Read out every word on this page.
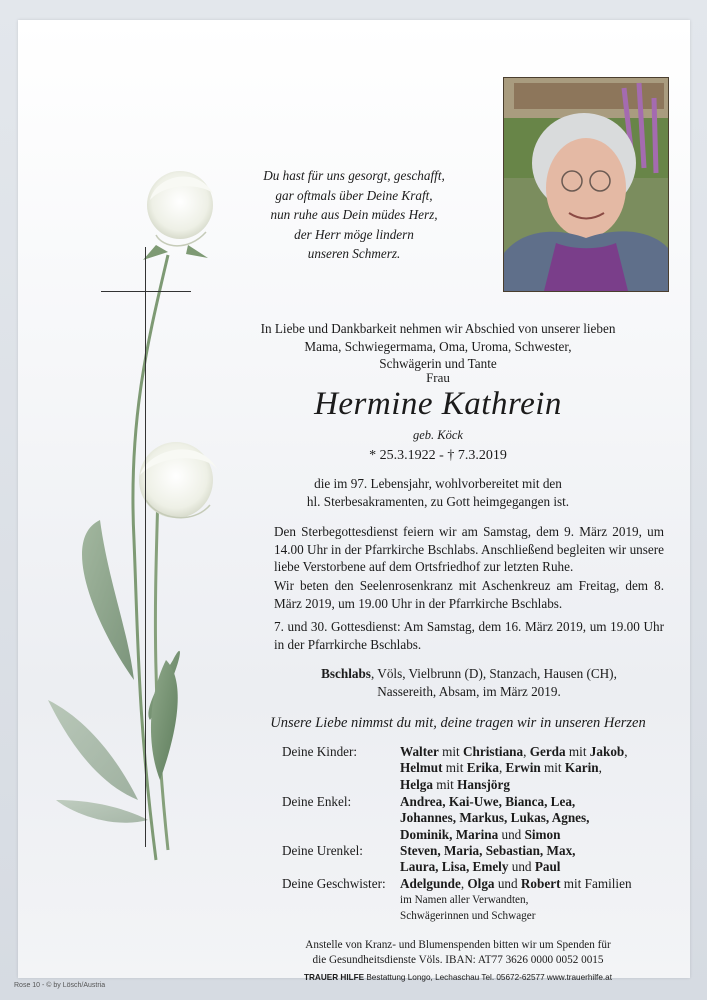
Du hast für uns gesorgt, geschafft,
gar oftmals über Deine Kraft,
nun ruhe aus Dein müdes Herz,
der Herr möge lindern
unseren Schmerz.
In Liebe und Dankbarkeit nehmen wir Abschied von unserer lieben
Mama, Schwiegermama, Oma, Uroma, Schwester,
Schwägerin und Tante
Frau
Hermine Kathrein
geb. Köck
* 25.3.1922 - † 7.3.2019
die im 97. Lebensjahr, wohlvorbereitet mit den
hl. Sterbesakramenten, zu Gott heimgegangen ist.
Den Sterbegottesdienst feiern wir am Samstag, dem 9. März 2019, um 14.00 Uhr in der Pfarrkirche Bschlabs. Anschließend begleiten wir unsere liebe Verstorbene auf dem Ortsfriedhof zur letzten Ruhe.
Wir beten den Seelenrosenkranz mit Aschenkreuz am Freitag, dem 8. März 2019, um 19.00 Uhr in der Pfarrkirche Bschlabs.
7. und 30. Gottesdienst: Am Samstag, dem 16. März 2019, um 19.00 Uhr in der Pfarrkirche Bschlabs.
Bschlabs, Völs, Vielbrunn (D), Stanzach, Hausen (CH),
Nassereith, Absam, im März 2019.
Unsere Liebe nimmst du mit, deine tragen wir in unseren Herzen
Deine Kinder:	Walter mit Christiana, Gerda mit Jakob,
Helmut mit Erika, Erwin mit Karin,
Helga mit Hansjörg
Deine Enkel:	Andrea, Kai-Uwe, Bianca, Lea,
Johannes, Markus, Lukas, Agnes,
Dominik, Marina und Simon
Deine Urenkel:	Steven, Maria, Sebastian, Max,
Laura, Lisa, Emely und Paul
Deine Geschwister: Adelgunde, Olga und Robert mit Familien
im Namen aller Verwandten,
Schwägerinnen und Schwager
Anstelle von Kranz- und Blumenspenden bitten wir um Spenden für
die Gesundheitsdienste Völs. IBAN: AT77 3626 0000 0052 0015
TRAUER HILFE Bestattung Longo, Lechaschau Tel. 05672-62577 www.trauerhilfe.at
Rose 10 - © by Lösch/Austria
